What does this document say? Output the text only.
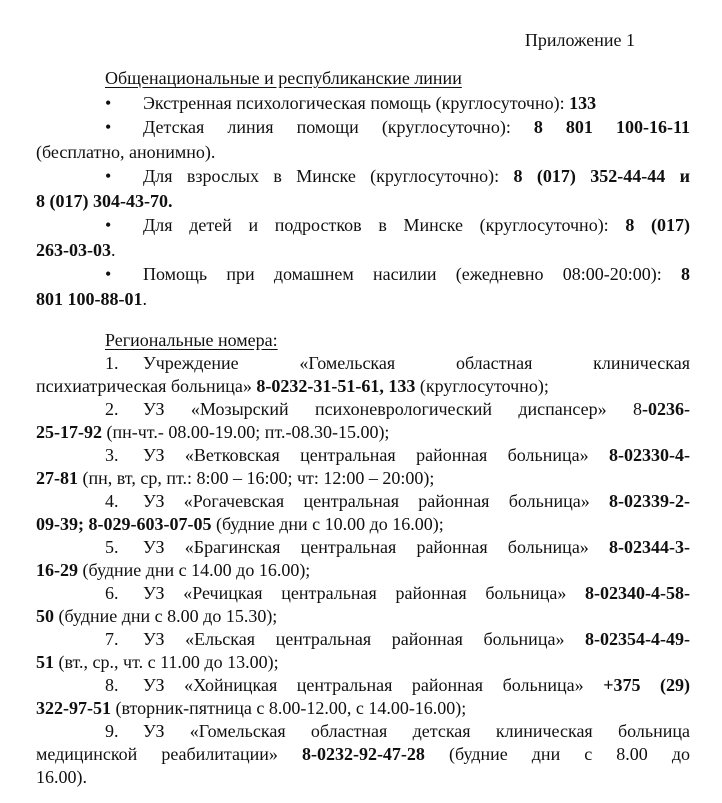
Приложение 1
Общенациональные и республиканские линии
• Экстренная психологическая помощь (круглосуточно): 133
• Детская линия помощи (круглосуточно): 8 801 100-16-11
(бесплатно, анонимно).
• Для взрослых в Минске (круглосуточно): 8 (017) 352-44-44 и
8 (017) 304-43-70.
• Для детей и подростков в Минске (круглосуточно): 8 (017)
263-03-03.
• Помощь при домашнем насилии (ежедневно 08:00-20:00): 8
801 100-88-01.
Региональные номера:
1. Учреждение «Гомельская областная клиническая
психиатрическая больница» 8-0232-31-51-61, 133 (круглосуточно);
2. УЗ «Мозырский психоневрологический диспансер» 8-0236-
25-17-92 (пн-чт.- 08.00-19.00; пт.-08.30-15.00);
3. УЗ «Ветковская центральная районная больница» 8-02330-4-
27-81 (пн, вт, ср, пт.: 8:00 – 16:00; чт: 12:00 – 20:00);
4. УЗ «Рогачевская центральная районная больница» 8-02339-2-
09-39; 8-029-603-07-05 (будние дни с 10.00 до 16.00);
5. УЗ «Брагинская центральная районная больница» 8-02344-3-
16-29 (будние дни с 14.00 до 16.00);
6. УЗ «Речицкая центральная районная больница» 8-02340-4-58-
50 (будние дни с 8.00 до 15.30);
7. УЗ «Ельская центральная районная больница» 8-02354-4-49-
51 (вт., ср., чт. с 11.00 до 13.00);
8. УЗ «Хойницкая центральная районная больница» +375 (29)
322-97-51 (вторник-пятница с 8.00-12.00, с 14.00-16.00);
9. УЗ «Гомельская областная детская клиническая больница
медицинской реабилитации» 8-0232-92-47-28 (будние дни с 8.00 до
16.00).
